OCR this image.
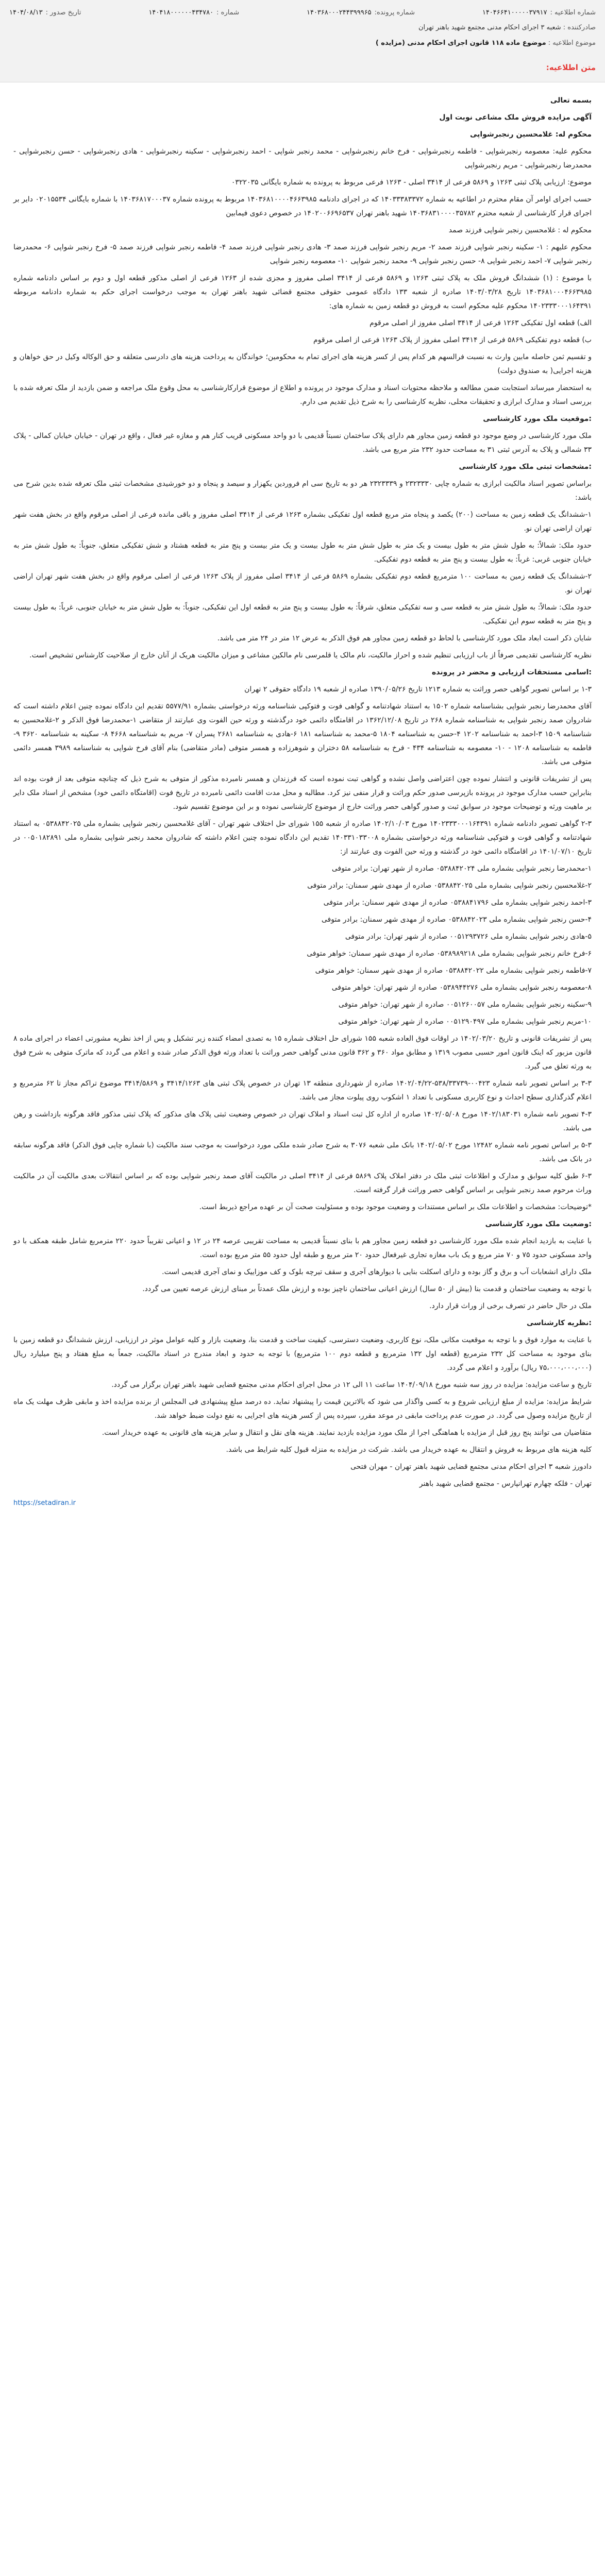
شماره اطلاعیه :
۱۴۰۴۶۶۴۱۰۰۰۰۰۳۷۹۱۷
شماره پرونده:
۱۴۰۳۶۸۰۰۰۲۴۴۳۹۹۹۶۵
شماره :
۱۴۰۴۱۸۰۰۰۰۰۰۴۳۴۷۸۰
تاریخ صدور :
۱۴۰۴/۰۸/۱۳
صادرکننده : شعبه ۳ اجرای احکام مدنی مجتمع شهید باهنر تهران
موضوع اطلاعیه : موضوع ماده ۱۱۸ قانون اجرای احکام مدنی (مزایده )
متن اطلاعیه:

بسمه تعالی

آگهی مزایده فروش ملک مشاعی نوبت اول

محکوم له: غلامحسین رنجبرشواپی

محکوم علیه: معصومه رنجبرشواپی - فاطمه رنجبرشواپی - فرخ خانم رنجبرشواپی - محمد رنجبر شواپی - احمد رنجبرشواپی - سکینه رنجبرشواپی - هادی رنجبرشواپی - حسن رنجبرشواپی - محمدرضا رنجبرشواپی - مریم رنجبرشواپی

موضوع: ارزیابی پلاک ثبتی ۱۲۶۳ و ۵۸۶۹ فرعی از ۳۴۱۴ اصلی - ۱۲۶۳ فرعی مربوط به پرونده به شماره بایگانی ۰۳۲۲۰۳۵

حسب اجرای اوامر آن مقام محترم در اطاعیه به شماره ۱۴۰۳۳۳۸۳۳۷۲ که در اجرای دادنامه ۱۴۰۳۶۸۱۰۰۰۰۴۶۶۳۹۸۵ مربوط به پرونده شماره ۱۴۰۳۶۸۱۷۰۰۰۳۷ با شماره بایگانی ۰۲۰۱۵۵۳۴ دایر بر اجرای قرار کارشناسی از شعبه محترم ۱۴۰۳۶۸۳۱۰۰۰۰۳۵۷۸۲ شهید باهنر تهران ۱۴۰۲۰۰۶۶۹۶۵۳۷ در خصوص دعوی فیمابین

محکوم له : غلامحسین رنجبر شواپی فرزند صمد

محکوم علیهم : ۱- سکینه رنجبر شواپی فرزند صمد ۲- مریم رنجبر شواپی فرزند صمد ۳- هادی رنجبر شواپی فرزند صمد ۴- فاطمه رنجبر شواپی فرزند صمد ۵- فرخ رنجبر شواپی ۶- محمدرضا رنجبر شواپی ۷- احمد رنجبر شواپی ۸- حسن رنجبر شواپی ۹- محمد رنجبر شواپی ۱۰- معصومه رنجبر شواپی

با موضوع : (۱) ششدانگ فروش ملک به پلاک ثبتی ۱۲۶۳ و ۵۸۶۹ فرعی از ۳۴۱۴ اصلی مفروز و مجزی شده از ۱۲۶۳ فرعی از اصلی مذکور قطعه اول و دوم بر اساس دادنامه شماره ۱۴۰۳۶۸۱۰۰۰۴۶۶۳۹۸۵ تاریخ ۱۴۰۳/۰۳/۲۸ صادره از شعبه ۱۳۳ دادگاه عمومی حقوقی مجتمع قضائی شهید باهنر تهران به موجب درخواست اجرای حکم به شماره دادنامه مربوطه ۱۴۰۲۳۳۳۰۰۰۱۶۴۳۹۱ محکوم علیه محکوم است به فروش دو قطعه زمین به شماره های:

الف) قطعه اول تفکیکی ۱۲۶۳ فرعی از ۳۴۱۴ اصلی مفروز از اصلی مرقوم

ب) قطعه دوم تفکیکی ۵۸۶۹ فرعی از ۳۴۱۴ اصلی مفروز از پلاک ۱۲۶۳ فرعی از اصلی مرقوم

و تقسیم ثمن حاصله مابین وارث به نسبت فرالسهم هر کدام پس از کسر هزینه های اجرای تمام به محکومین؛ خواندگان به پرداخت هزینه های دادرسی متعلقه و حق الوکاله وکیل در حق خواهان و هزینه اجرایی( به صندوق دولت)

به استحضار میرساند استجابت ضمن مطالعه و ملاحظه محتویات اسناد و مدارک موجود در پرونده و اطلاع از موضوع قرارکارشناسی به محل وقوع ملک مراجعه و ضمن بازدید از ملک تعرفه شده با بررسی اسناد و مدارک ابرازی و تحقیقات محلی، نظریه کارشناسی را به شرح ذیل تقدیم می دارم.

:موقعیت ملک مورد کارشناسی

ملک مورد کارشناسی در وضع موجود دو قطعه زمین مجاور هم دارای پلاک ساختمان نسبتاً قدیمی با دو واحد مسکونی قریب کنار هم و مغازه غیر فعال ، واقع در تهران - خیابان خیابان کمالی - پلاک ۳۳ شمالی و پلاک به آدرس ثبتی ۳۱ به مساحت حدود ۲۳۲ متر مربع می باشد.

:مشخصات ثبتی ملک مورد کارشناسی

براساس تصویر اسناد مالکیت ابرازی به شماره چاپی ۲۳۲۳۳۳۰ و ۲۳۲۳۳۳۹ هر دو به تاریخ سی ام فروردین یکهزار و سیصد و پنجاه و دو خورشیدی مشخصات ثبتی ملک تعرفه شده بدین شرح می باشد:

۱-ششدانگ یک قطعه زمین به مساحت (۲۰۰) یکصد و پنجاه متر مربع قطعه اول تفکیکی بشماره ۱۲۶۳ فرعی از ۳۴۱۴ اصلی مفروز و باقی مانده فرعی از اصلی مرقوم واقع در بخش هفت شهر تهران اراضی تهران نو.

حدود ملک: شمالاً: به طول شش متر به طول بیست و یک متر به طول شش متر به طول بیست و یک متر بیست و پنج متر به قطعه هشتاد و شش تفکیکی متعلق، جنوباً: به طول شش متر به خیابان جنوبی غربی: غرباً: به طول بیست و پنج متر به قطعه دوم تفکیکی.

۲-ششدانگ یک قطعه زمین به مساحت ۱۰۰ مترمربع قطعه دوم تفکیکی بشماره ۵۸۶۹ فرعی از ۳۴۱۴ اصلی مفروز از پلاک ۱۲۶۳ فرعی از اصلی مرقوم واقع در بخش هفت شهر تهران اراضی تهران نو.

حدود ملک: شمالاً: به طول شش متر به قطعه سی و سه تفکیکی متعلق، شرقاً: به طول بیست و پنج متر به قطعه اول این تفکیکی، جنوباً: به طول شش متر به خیابان جنوبی، غرباً: به طول بیست و پنج متر به قطعه سوم این تفکیکی.

شایان ذکر است ابعاد ملک مورد کارشناسی با لحاظ دو قطعه زمین مجاور هم فوق الذکر به عرض ۱۲ متر در ۲۴ متر می باشد.

نظریه کارشناسی تقدیمی صرفاً از باب ارزیابی تنظیم شده و احراز مالکیت، نام مالک یا قلمرسی نام مالکین مشاعی و میزان مالکیت هریک از آنان خارج از صلاحیت کارشناس تشخیص است.

:اسامی مستحقات ارزیابی و محضر در پرونده

۱-۳ بر اساس تصویر گواهی حصر وراثت به شماره ۱۲۱۳ تاریخ ۱۳۹۰/۰۵/۲۶ صادره از شعبه ۱۹ دادگاه حقوقی ۲ تهران

آقای محمدرضا رنجبر شواپی بشناسنامه شماره ۱۵۰۲ به استناد شهادتنامه و گواهی فوت و فتوکپی شناسنامه ورثه درخواستی بشماره ۵۵۷۷/۹۱ تقدیم این دادگاه نموده چنین اعلام داشته است که شادروان صمد رنجبر شواپی به شناسنامه شماره ۲۶۸ در تاریخ ۱۳۶۲/۱۲/۰۸ در اقامتگاه دائمی خود درگذشته و ورثه حین الفوت وی عبارتند از متقاضی ۱-محمدرضا فوق الذکر و ۲-غلامحسین به شناسنامه ۱۵۰۹ ۳-احمد به شناسنامه ۱۲۰۲ ۴-حسن به شناسنامه ۱۸۰۴ ۵-محمد به شناسنامه ۱۸۱ ۶-هادی به شناسنامه ۲۶۸۱ پسران ۷- مریم به شناسنامه ۴۶۶۸ ۸- سکینه به شناسنامه ۳۶۲۰ ۹- فاطمه به شناسنامه ۱۲۰۸ - ۱۰- معصومه به شناسنامه ۴۳۴ - فرخ به شناسنامه ۵۸ دختران و شوهرزاده و همسر متوفی (مادر متقاضی) بنام آقای فرخ شواپی به شناسنامه ۳۹۸۹ همسر دائمی متوفی می باشد.

پس از تشریفات قانونی و انتشار نموده چون اعتراضی واصل نشده و گواهی تبت نموده است که فرزندان و همسر نامبرده مذکور از متوفی به شرح ذیل که چنانچه متوفی بعد از فوت بوده اند بنابراین حسب مدارک موجود در پرونده بازپرسی صدور حکم وراثت و قرار منفی نیز کرد. مطالبه و محل مدت اقامت دائمی نامبرده در تاریخ فوت (اقامتگاه دائمی خود) مشخص از اسناد ملک دایر بر ماهیت ورثه و توضیحات موجود در سوابق ثبت و صدور گواهی حصر وراثت خارج از موضوع کارشناسی نموده و بر این موضوع تقسیم شود.

۲-۳ گواهی تصویر دادنامه شماره ۱۴۰۲۳۳۳۰۰۰۱۶۴۳۹۱ مورخ ۱۴۰۲/۱۰/۰۳ صادره از شعبه ۱۵۵ شورای حل اختلاف شهر تهران - آقای غلامحسین رنجبر شواپی بشماره ملی ۰۵۳۸۸۴۲۰۲۵ به استناد شهادتنامه و گواهی فوت و فتوکپی شناسنامه ورثه درخواستی بشماره ۱۴۰۳۳۱۰۳۳۰۰۸ تقدیم این دادگاه نموده چنین اعلام داشته که شادروان محمد رنجبر شواپی بشماره ملی ۰۰۵۰۱۸۲۸۹۱ در تاریخ ۱۴۰۱/۰۷/۱۰ در اقامتگاه دائمی خود در گذشته و ورثه حین الفوت وی عبارتند از:

۱-محمدرضا رنجبر شواپی بشماره ملی ۰۵۳۸۸۴۲۰۲۴ صادره از شهر تهران: برادر متوفی

۲-غلامحسین رنجبر شواپی بشماره ملی ۰۵۳۸۸۴۲۰۲۵ صادره از مهدی شهر سمنان: برادر متوفی

۳-احمد رنجبر شواپی بشماره ملی ۰۵۳۸۸۴۱۷۹۶ صادره از مهدی شهر سمنان: برادر متوفی

۴-حسن رنجبر شواپی بشماره ملی ۰۵۳۸۸۴۲۰۲۳ صادره از مهدی شهر سمنان: برادر متوفی

۵-هادی رنجبر شواپی بشماره ملی ۰۰۵۱۲۹۳۷۲۶ صادره از شهر تهران: برادر متوفی

۶-فرخ خانم رنجبر شواپی بشماره ملی ۰۵۳۸۹۸۹۲۱۸ صادره از مهدی شهر سمنان: خواهر متوفی

۷-فاطمه رنجبر شواپی بشماره ملی ۰۵۳۸۸۴۲۰۲۲ صادره از مهدی شهر سمنان: خواهر متوفی

۸-معصومه رنجبر شواپی بشماره ملی ۰۵۳۸۹۴۴۲۷۶ صادره از شهر تهران: خواهر متوفی

۹-سکینه رنجبر شواپی بشماره ملی ۰۰۵۱۲۶۰۰۵۷ صادره از شهر تهران: خواهر متوفی

۱۰-مریم رنجبر شواپی بشماره ملی ۰۰۵۱۲۹۰۴۹۷ صادره از شهر تهران: خواهر متوفی

پس از تشریفات قانونی و تاریخ ۱۴۰۲/۰۳/۲۰ در اوقات فوق العاده شعبه ۱۵۵ شورای حل اختلاف شماره ۱۵ به تصدی امضاء کننده زیر تشکیل و پس از اخذ نظریه مشورتی اعضاء در اجرای ماده ۸ قانون مزبور که اینک قانون امور حسبی مصوب ۱۳۱۹ و مطابق مواد ۳۶۰ و ۳۶۲ قانون مدنی گواهی حصر وراثت با تعداد ورثه فوق الذکر صادر شده و اعلام می گردد که ماترک متوفی به شرح فوق به ورثه تعلق می گیرد.

۳-۳ بر اساس تصویر نامه شماره ۰۰۴۲۳-۵۳۸/۳۳۷۳۹-۱۴۰۲/۰۴/۲۲ صادره از شهرداری منطقه ۱۳ تهران در خصوص پلاک ثبتی های ۳۴۱۴/۱۲۶۳ و ۳۴۱۴/۵۸۶۹ موضوع تراکم مجاز تا ۶۲ مترمربع و اعلام گذرگذاری سطح احداث و نوع کاربری مسکونی با تعداد ۱ اشکوب روی پیلوت مجاز می باشد.

۴-۳ تصویر نامه شماره ۱۴۰۲/۱۸۳۰۳۱ مورخ ۱۴۰۲/۰۵/۰۸ صادره از اداره کل ثبت اسناد و املاک تهران در خصوص وضعیت ثبتی پلاک های مذکور که پلاک ثبتی مذکور فاقد هرگونه بازداشت و رهن می باشد.

۵-۳ بر اساس تصویر نامه شماره ۱۲۴۸۲ مورخ ۱۴۰۲/۰۵/۰۲ بانک ملی شعبه ۳۰۷۶ به شرح صادر شده ملکی مورد درخواست به موجب سند مالکیت (با شماره چاپی فوق الذکر) فاقد هرگونه سابقه در بانک می باشد.

۶-۳ طبق کلیه سوابق و مدارک و اطلاعات ثبتی ملک در دفتر املاک پلاک ۵۸۶۹ فرعی از ۳۴۱۴ اصلی در مالکیت آقای صمد رنجبر شواپی بوده که بر اساس انتقالات بعدی مالکیت آن در مالکیت وراث مرحوم صمد رنجبر شواپی بر اساس گواهی حصر وراثت قرار گرفته است.

*توضیحات: مشخصات و اطلاعات ملک بر اساس مستندات و وضعیت موجود بوده و مسئولیت صحت آن بر عهده مراجع ذیربط است.

:وضعیت ملک مورد کارشناسی

با عنایت به بازدید انجام شده ملک مورد کارشناسی دو قطعه زمین مجاور هم با بنای نسبتاً قدیمی به مساحت تقریبی عرصه ۲۴ در ۱۲ و اعیانی تقریباً حدود ۲۲۰ مترمربع شامل طبقه همکف با دو واحد مسکونی حدود ۷۵ و ۷۰ متر مربع و یک باب مغازه تجاری غیرفعال حدود ۲۰ متر مربع و طبقه اول حدود ۵۵ متر مربع بوده است.

ملک دارای انشعابات آب و برق و گاز بوده و دارای اسکلت بنایی با دیوارهای آجری و سقف تیرچه بلوک و کف موزاییک و نمای آجری قدیمی است.

با توجه به وضعیت ساختمان و قدمت بنا (بیش از ۵۰ سال) ارزش اعیانی ساختمان ناچیز بوده و ارزش ملک عمدتاً بر مبنای ارزش عرصه تعیین می گردد.

ملک در حال حاضر در تصرف برخی از وراث قرار دارد.

:نظریه کارشناسی

با عنایت به موارد فوق و با توجه به موقعیت مکانی ملک، نوع کاربری، وضعیت دسترسی، کیفیت ساخت و قدمت بنا، وضعیت بازار و کلیه عوامل موثر در ارزیابی، ارزش ششدانگ دو قطعه زمین با بنای موجود به مساحت کل ۲۳۲ مترمربع (قطعه اول ۱۳۲ مترمربع و قطعه دوم ۱۰۰ مترمربع) با توجه به حدود و ابعاد مندرج در اسناد مالکیت، جمعاً به مبلغ هفتاد و پنج میلیارد ریال (۷۵،۰۰۰،۰۰۰،۰۰۰ ریال) برآورد و اعلام می گردد.

تاریخ و ساعت مزایده: مزایده در روز سه شنبه مورخ ۱۴۰۴/۰۹/۱۸ ساعت ۱۱ الی ۱۲ در محل اجرای احکام مدنی مجتمع قضایی شهید باهنر تهران برگزار می گردد.

شرایط مزایده: مزایده از مبلغ ارزیابی شروع و به کسی واگذار می شود که بالاترین قیمت را پیشنهاد نماید. ده درصد مبلغ پیشنهادی فی المجلس از برنده مزایده اخذ و مابقی ظرف مهلت یک ماه از تاریخ مزایده وصول می گردد. در صورت عدم پرداخت مابقی در موعد مقرر، سپرده پس از کسر هزینه های اجرایی به نفع دولت ضبط خواهد شد.

متقاضیان می توانند پنج روز قبل از مزایده با هماهنگی اجرا از ملک مورد مزایده بازدید نمایند. هزینه های نقل و انتقال و سایر هزینه های قانونی به عهده خریدار است.

کلیه هزینه های مربوط به فروش و انتقال به عهده خریدار می باشد. شرکت در مزایده به منزله قبول کلیه شرایط می باشد.

دادورز شعبه ۳ اجرای احکام مدنی مجتمع قضایی شهید باهنر تهران - مهران فتحی

تهران - فلکه چهارم تهرانپارس - مجتمع قضایی شهید باهنر

https://setadiran.ir
